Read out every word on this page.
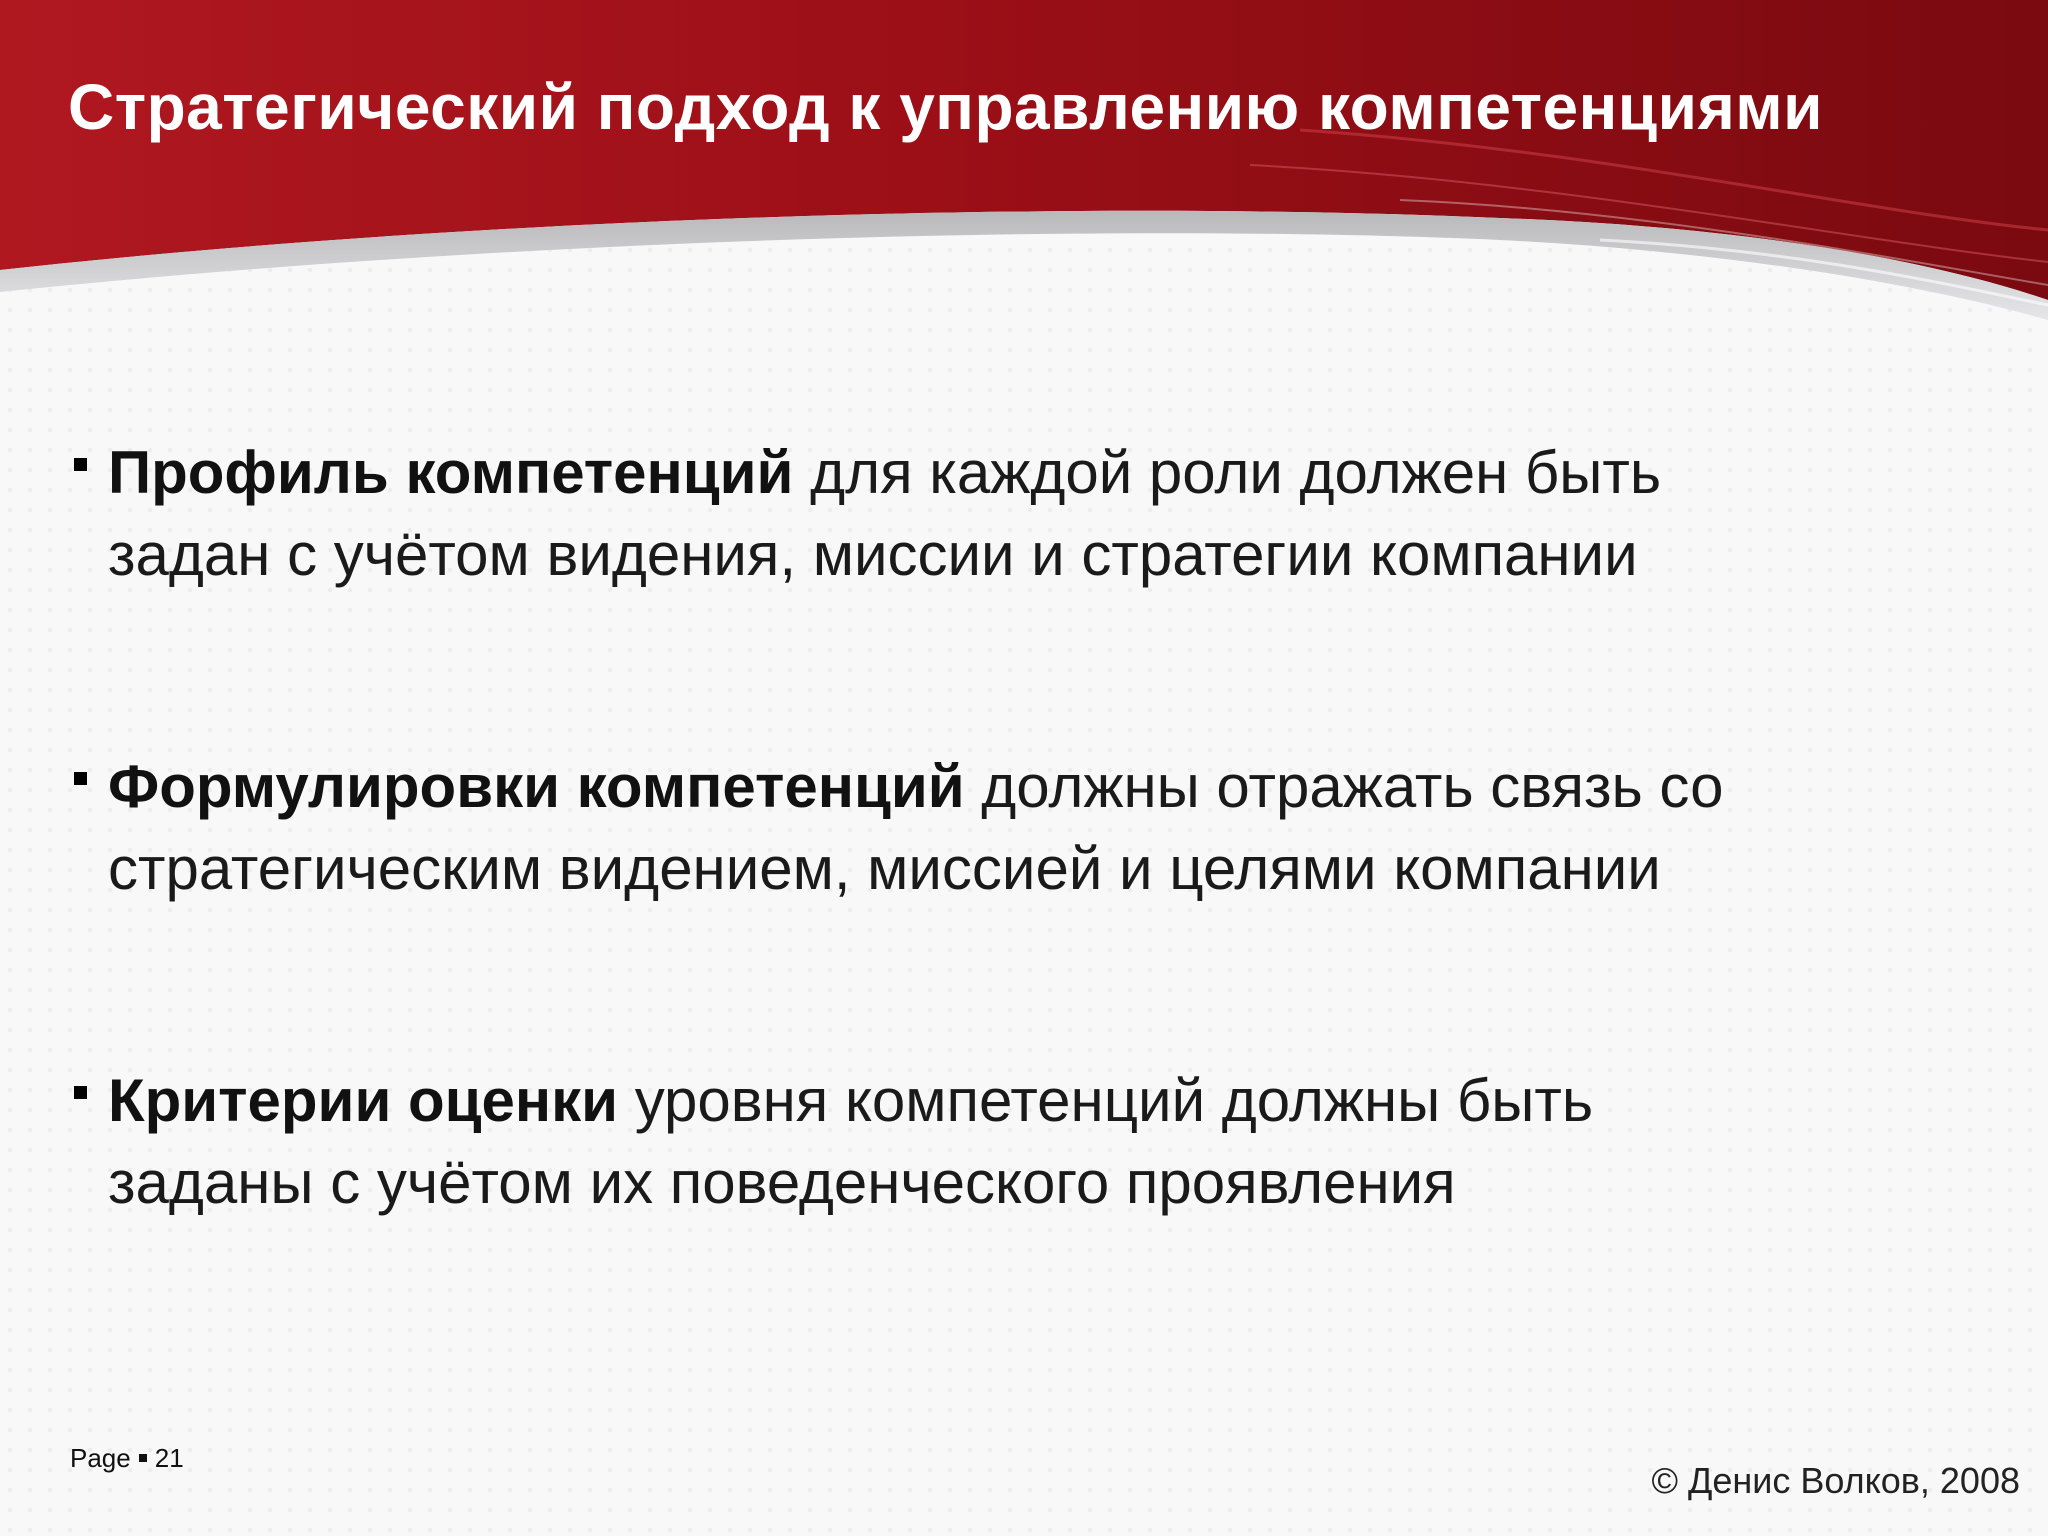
Стратегический подход к управлению компетенциями

Профиль компетенций для каждой роли должен быть
задан с учётом видения, миссии и стратегии компании

Формулировки компетенций должны отражать связь со
стратегическим видением, миссией и целями компании

Критерии оценки уровня компетенций должны быть
заданы с учётом их поведенческого проявления

Page 21
© Денис Волков, 2008
